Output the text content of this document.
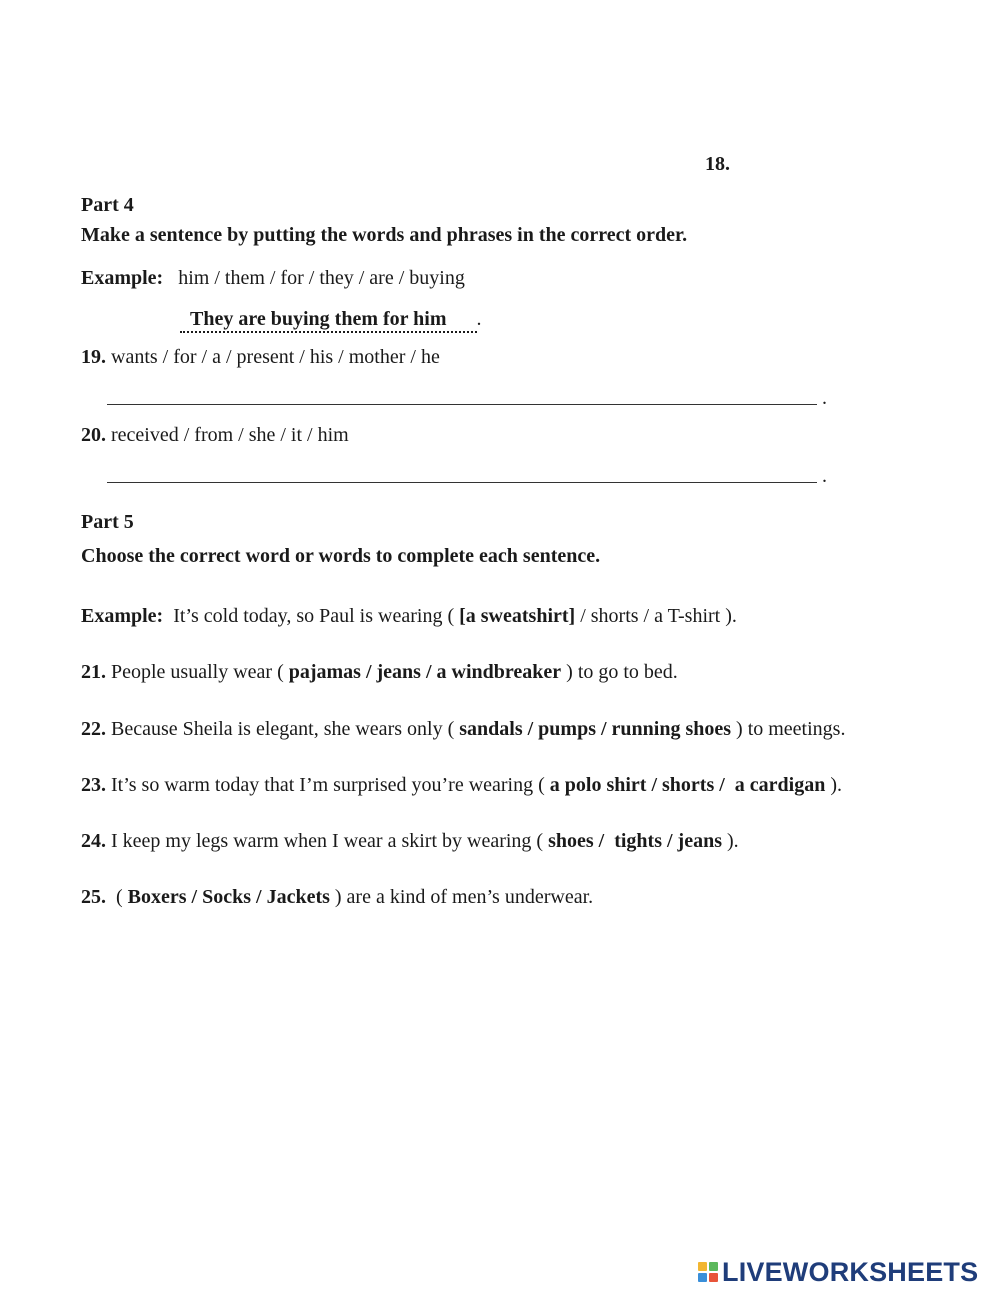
18.
Part 4
Make a sentence by putting the words and phrases in the correct order.
Example: him / them / for / they / are / buying
They are buying them for him .
19. wants / for / a / present / his / mother / he
.
20. received / from / she / it / him
.
Part 5
Choose the correct word or words to complete each sentence.
Example: It’s cold today, so Paul is wearing ( [a sweatshirt] / shorts / a T-shirt ).
21. People usually wear ( pajamas / jeans / a windbreaker ) to go to bed.
22. Because Sheila is elegant, she wears only ( sandals / pumps / running shoes ) to meetings.
23. It’s so warm today that I’m surprised you’re wearing ( a polo shirt / shorts /  a cardigan ).
24. I keep my legs warm when I wear a skirt by wearing ( shoes /  tights / jeans ).
25.  ( Boxers / Socks / Jackets ) are a kind of men’s underwear.
LIVEWORKSHEETS
